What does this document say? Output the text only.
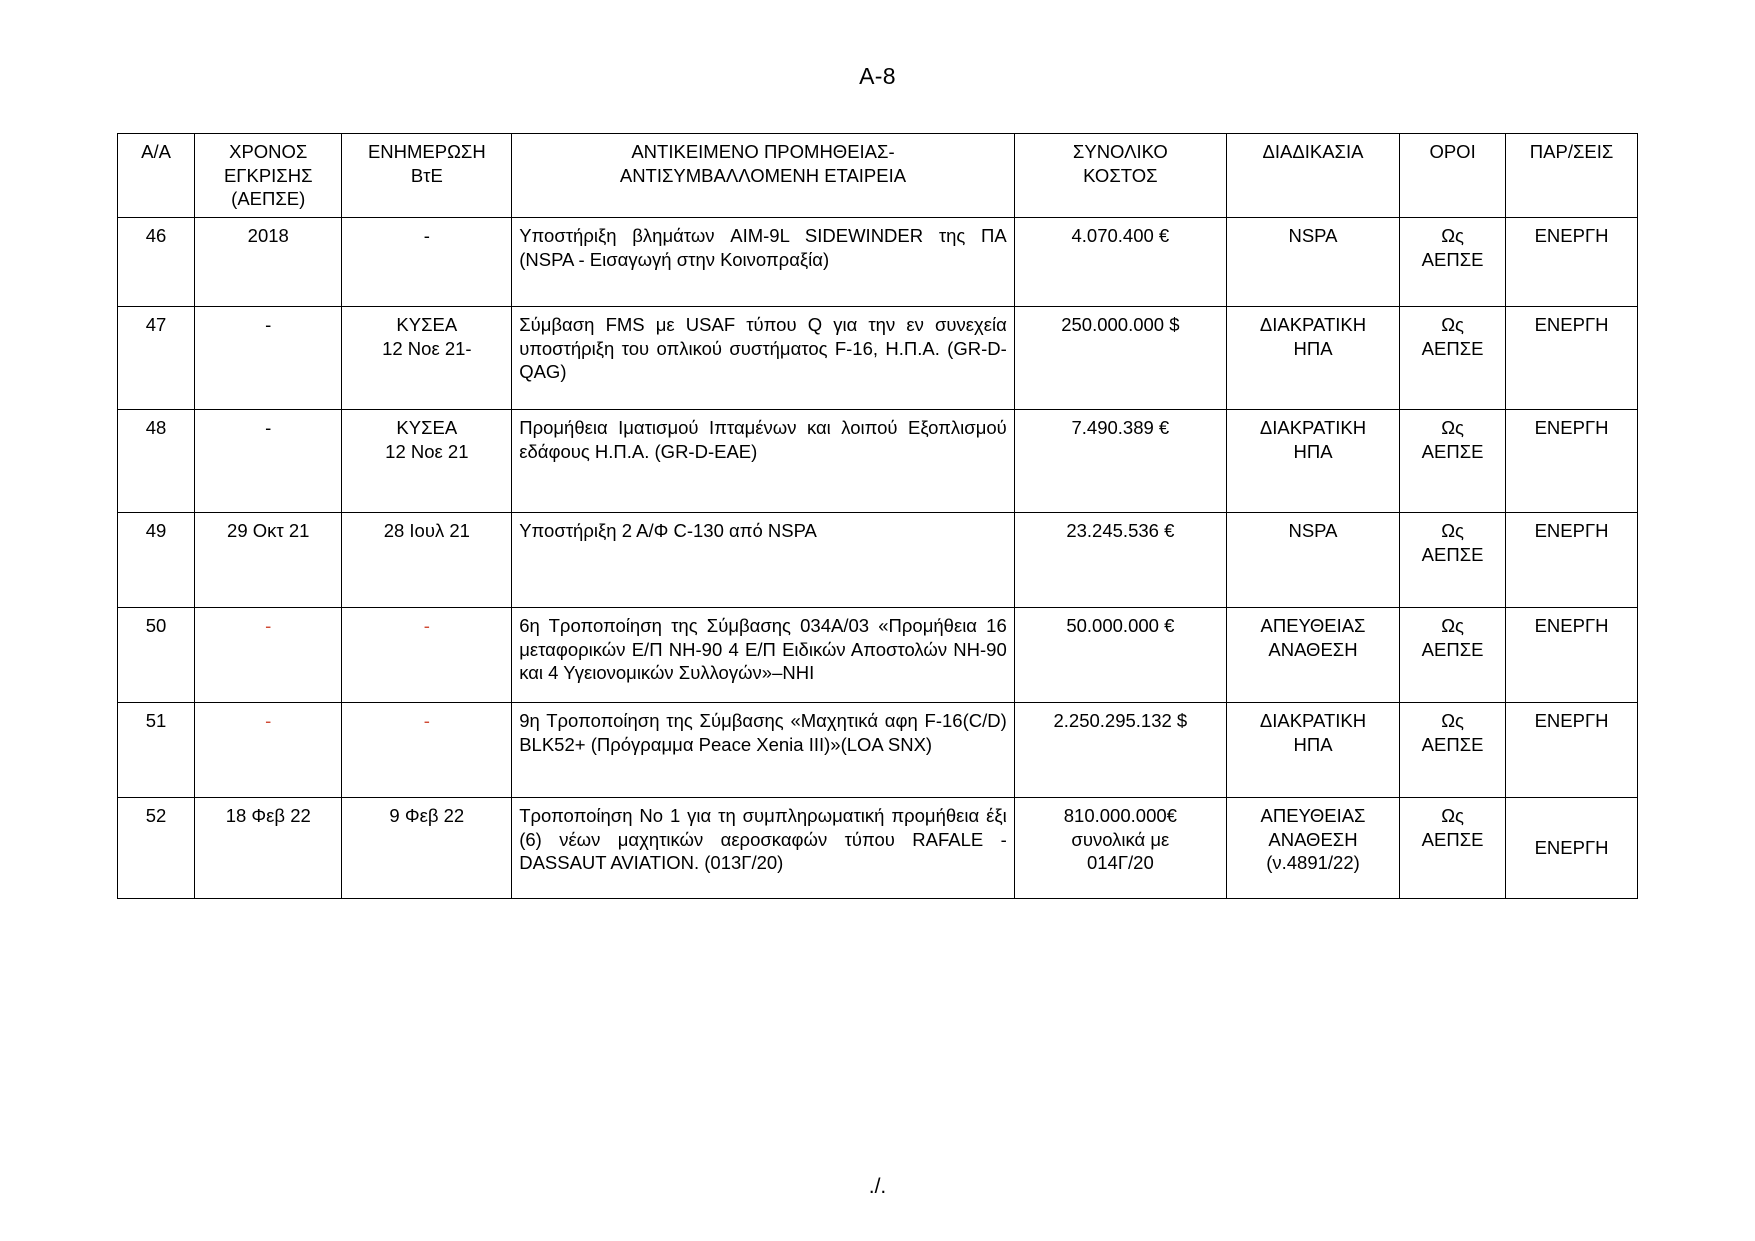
A-8
Α/Α	ΧΡΟΝΟΣ
ΕΓΚΡΙΣΗΣ
(ΑΕΠΣΕ)	ΕΝΗΜΕΡΩΣΗ
ΒτΕ	ΑΝΤΙΚΕΙΜΕΝΟ ΠΡΟΜΗΘΕΙΑΣ-
ΑΝΤΙΣΥΜΒΑΛΛΟΜΕΝΗ ΕΤΑΙΡΕΙΑ	ΣΥΝΟΛΙΚΟ
ΚΟΣΤΟΣ	ΔΙΑΔΙΚΑΣΙΑ	ΟΡΟΙ	ΠΑΡ/ΣΕΙΣ
46	2018	-	Υποστήριξη βλημάτων AIM-9L SIDEWINDER της ΠΑ (NSPA - Εισαγωγή στην Κοινοπραξία)	4.070.400 €	NSPA	Ως
ΑΕΠΣΕ	ΕΝΕΡΓΗ
47	-	ΚΥΣΕΑ
12 Νοε 21-	Σύμβαση FMS με USAF τύπου Q για την εν συνεχεία υποστήριξη του οπλικού συστήματος F-16, Η.Π.Α. (GR-D-QAG)	250.000.000 $	ΔΙΑΚΡΑΤΙΚΗ
ΗΠΑ	Ως
ΑΕΠΣΕ	ΕΝΕΡΓΗ
48	-	ΚΥΣΕΑ
12 Νοε 21	Προμήθεια Ιματισμού Ιπταμένων και λοιπού Εξοπλισμού εδάφους Η.Π.Α. (GR-D-EAE)	7.490.389 €	ΔΙΑΚΡΑΤΙΚΗ
ΗΠΑ	Ως
ΑΕΠΣΕ	ΕΝΕΡΓΗ
49	29 Οκτ 21	28 Ιουλ 21	Υποστήριξη 2 Α/Φ C-130 από NSPA	23.245.536 €	NSPA	Ως
ΑΕΠΣΕ	ΕΝΕΡΓΗ
50	-	-	6η Τροποποίηση της Σύμβασης 034Α/03 «Προμήθεια 16 μεταφορικών Ε/Π ΝΗ-90 4 Ε/Π Ειδικών Αποστολών ΝΗ-90 και 4 Υγειονομικών Συλλογών»–NHI	50.000.000 €	ΑΠΕΥΘΕΙΑΣ
ΑΝΑΘΕΣΗ	Ως
ΑΕΠΣΕ	ΕΝΕΡΓΗ
51	-	-	9η Τροποποίηση της Σύμβασης «Μαχητικά αφη F-16(C/D) BLK52+ (Πρόγραμμα Peace Xenia III)»(LOA SNX)	2.250.295.132 $	ΔΙΑΚΡΑΤΙΚΗ
ΗΠΑ	Ως
ΑΕΠΣΕ	ΕΝΕΡΓΗ
52	18 Φεβ 22	9 Φεβ 22	Τροποποίηση Νο 1 για τη συμπληρωματική προμήθεια έξι (6) νέων μαχητικών αεροσκαφών τύπου RAFALE - DASSAUT AVIATION. (013Γ/20)	810.000.000€
συνολικά με
014Γ/20	ΑΠΕΥΘΕΙΑΣ
ΑΝΑΘΕΣΗ
(ν.4891/22)	Ως
ΑΕΠΣΕ	ΕΝΕΡΓΗ
./.
